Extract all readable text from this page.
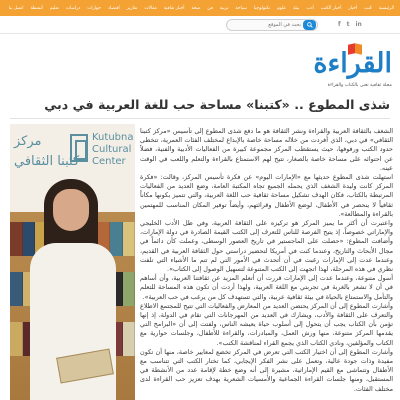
الرئيسية
كتب
أخبار
أخبار الكتب
أدب
بيئة
علوم
تكنولوجيا
سياحة
تربية
فن
صحة
أخبار ثقافية
مقالات
تقارير
اقتصاد
حوارات
دراسات
تعليم
أنشطة
اتصل بنا
بحث في الموقع
f t in
القراءة
مجلة ثقافية تعنى بالكتاب والقراءة
شذى المطوع .. «كتبنا» مساحة حب للغة العربية في دبي
مركز
كتبنا الثقافي
Kutubna Cultural Center

الشغف بالثقافة العربية والقراءة ونشر الثقافة هو ما دفع شذى المطوع إلى تأسيس «مركز كتبنا الثقافي» في دبي، الذي أفردت من خلاله مساحة خاصة بالإبداع لمختلف الفئات العمرية، تتخطى حدود الكتب ورفوفها، حيث يستقطب المركز مجموعة كبيرة من الفعاليات الأدبية والفنية، فضلاً عن احتوائه على مساحة خاصة بالصغار، تتيح لهم الاستمتاع بالقراءة والتعلم واللعب في الوقت عينه.

استهلت شذى المطوع حديثها مع «الإمارات اليوم» عن فكرة تأسيس المركز، وقالت: «فكرة المركز كانت وليدة الشغف الذي يحمله الجميع تجاه المكتبة العامة، وضع العديد من الفعاليات المرتبطة بالكتاب، فكان الهدف تشكيل مساحة ثقافية حب اللغة العربية، والتي تتميز بكونها مكاناً ثقافياً لا ينحصر في الأطفال، لوضع الأطفال وقرائتهم، وأيضاً توفير المكان المناسب للمهتمين بالقراءة والمطالعة».

واعتبرت أن أكثر ما يميز المركز هو تركيزه على الثقافة العربية، وفي ظل الأدب الخليجي والإماراتي خصوصاً، إذ يتيح الفرصة للناس للتعرف إلى الكتب القيمة الصادرة في دولة الإمارات، وأضافت المطوع: «حصلت على الماجستير في تاريخ العصور الوسطى، وعملت كأن دائماً في مجال الأبحاث والتاريخ، وعندما كنت في أمريكا لتحضير دراستي حول الثقافة العربية في القديم، وعندما عدت إلى الإمارات رغبت في أن أتحدث في الأمور التي لم تتم ما الأشياء التي تلفت نظري في هذه المرحلة، لهذا اتجهت إلى الكتب المتنوعة لتسهيل الوصول إلى الكتاب».

أسول متنوعة، وعندما عدت إلى الإمارات قررت أن أتعلم المزيد عن ثقافتنا العربية، وأن أساهم في أن لا تشعر بالغربة في تجربتي مع اللغة العربية، ولهذا أردت أن تكون هذه المساحة للتعلم والتأمل والاستمتاع بالحياة في بيئة ثقافية عربية، والتي تستهدف كل من يرغب في حب العربية».

وأشارت المطوع إلى أن المركز يحتضن العديد من المعارض والفعاليات التي تتيح للمجتمع الاطلاع والتعرف على الثقافة والأدب، ويشارك في العديد من المهرجانات التي تقام في الدولة، إذ إنها تؤمن بأن الكتاب يجب أن يتحول إلى أسلوب حياة يعيشه الناس، ولفتت إلى أن «البرامج التي يقدمها المركز متنوعة، منها ورش العمل، والمبادرات، والقراءة للأطفال، وجلسات حوارية مع الكتاب والمؤلفين، ونادي الكتاب الذي يجمع القراء لمناقشة الكتب».

وأشارت المطوع إلى أن اختيار الكتب التي تعرض في المركز تخضع لمعايير خاصة، منها أن تكون مفيدة وذات جودة عالية، وتعمل على نشر الفكر الإيجابي، كما تختار الكتب التي تتناسب مع الأطفال وتتماشى مع القيم الإماراتية، مشيرة إلى أنه وضع خطة لإقامة عدد من الأنشطة في المستقبل، ومنها جلسات القراءة الجماعية والأمسيات الشعرية بهدف تعزيز حب القراءة لدى مختلف الفئات.
